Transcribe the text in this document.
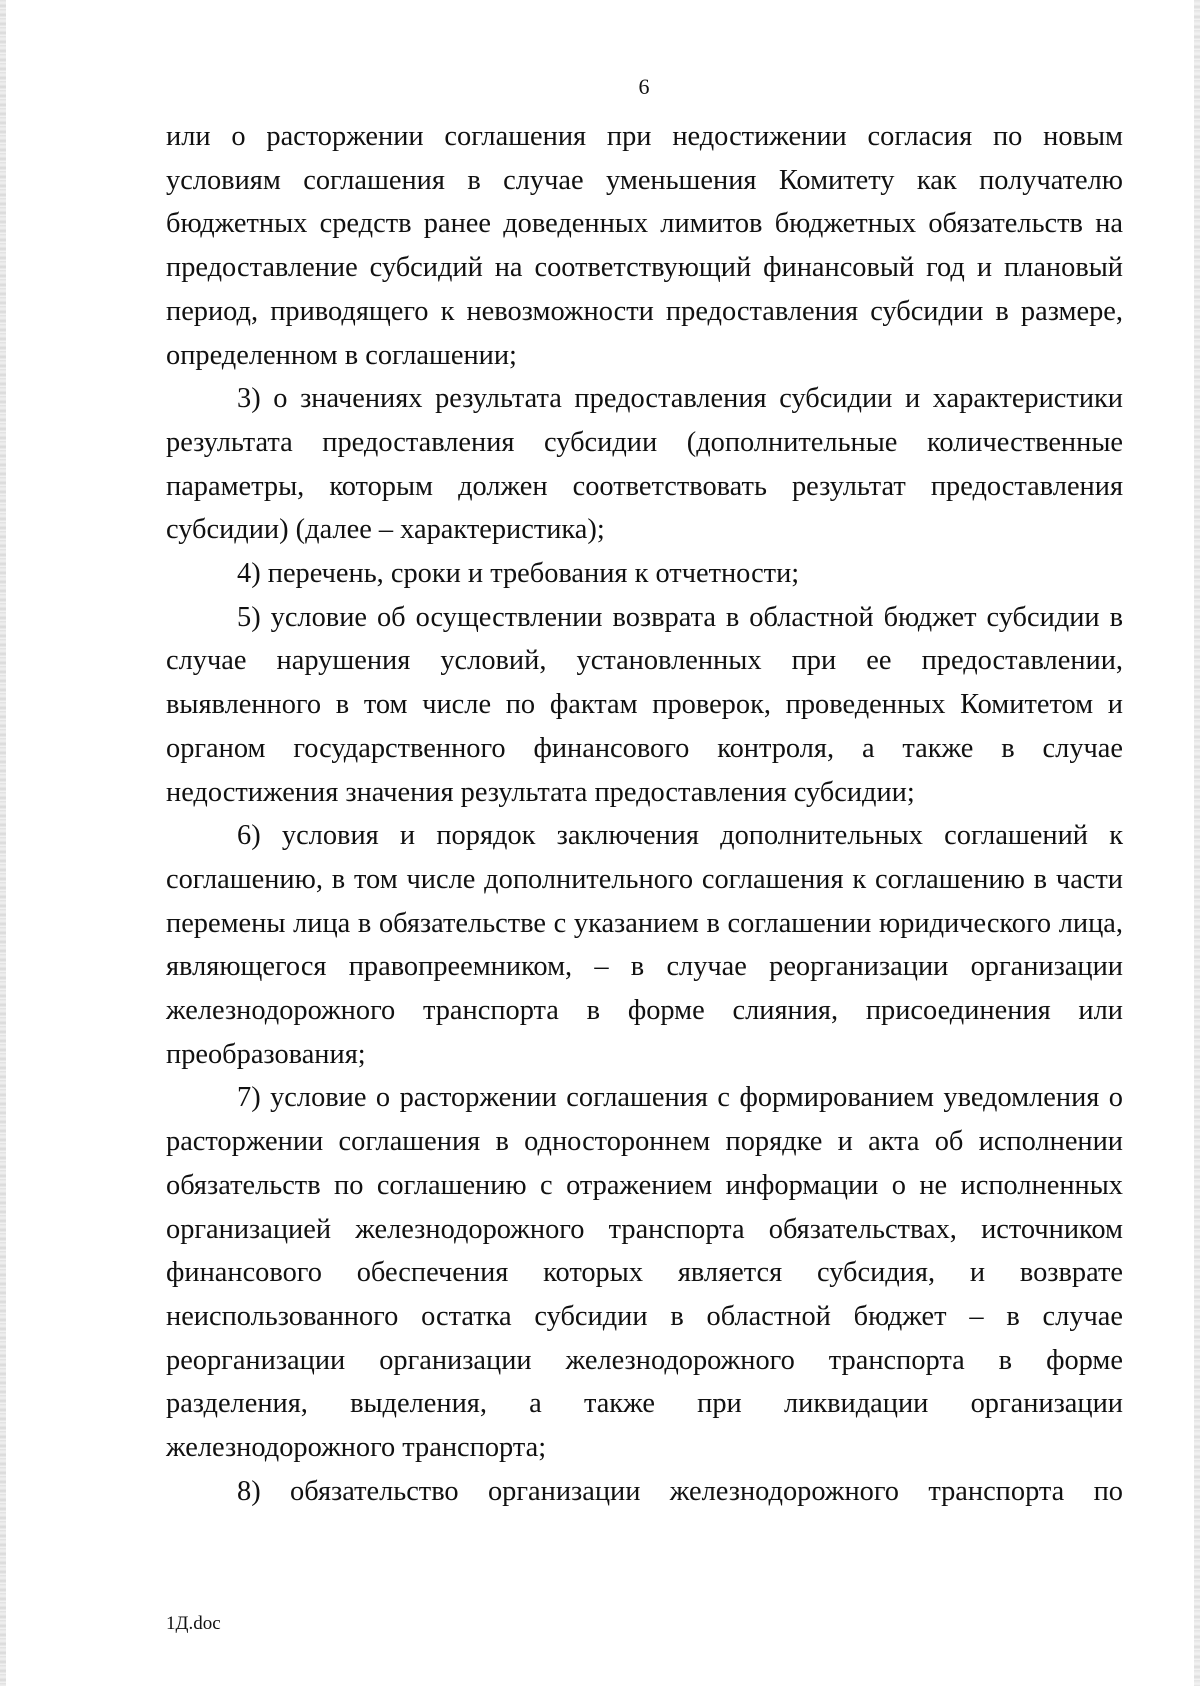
6

или о расторжении соглашения при недостижении согласия по новым условиям соглашения в случае уменьшения Комитету как получателю бюджетных средств ранее доведенных лимитов бюджетных обязательств на предоставление субсидий на соответствующий финансовый год и плановый период, приводящего к невозможности предоставления субсидии в размере, определенном в соглашении;

3) о значениях результата предоставления субсидии и характеристики результата предоставления субсидии (дополнительные количественные параметры, которым должен соответствовать результат предоставления субсидии) (далее – характеристика);

4) перечень, сроки и требования к отчетности;

5) условие об осуществлении возврата в областной бюджет субсидии в случае нарушения условий, установленных при ее предоставлении, выявленного в том числе по фактам проверок, проведенных Комитетом и органом государственного финансового контроля, а также в случае недостижения значения результата предоставления субсидии;

6) условия и порядок заключения дополнительных соглашений к соглашению, в том числе дополнительного соглашения к соглашению в части перемены лица в обязательстве с указанием в соглашении юридического лица, являющегося правопреемником, – в случае реорганизации организации железнодорожного транспорта в форме слияния, присоединения или преобразования;

7) условие о расторжении соглашения с формированием уведомления о расторжении соглашения в одностороннем порядке и акта об исполнении обязательств по соглашению с отражением информации о не исполненных организацией железнодорожного транспорта обязательствах, источником финансового обеспечения которых является субсидия, и возврате неиспользованного остатка субсидии в областной бюджет – в случае реорганизации организации железнодорожного транспорта в форме разделения, выделения, а также при ликвидации организации железнодорожного транспорта;

8) обязательство организации железнодорожного транспорта по

1Д.doc
